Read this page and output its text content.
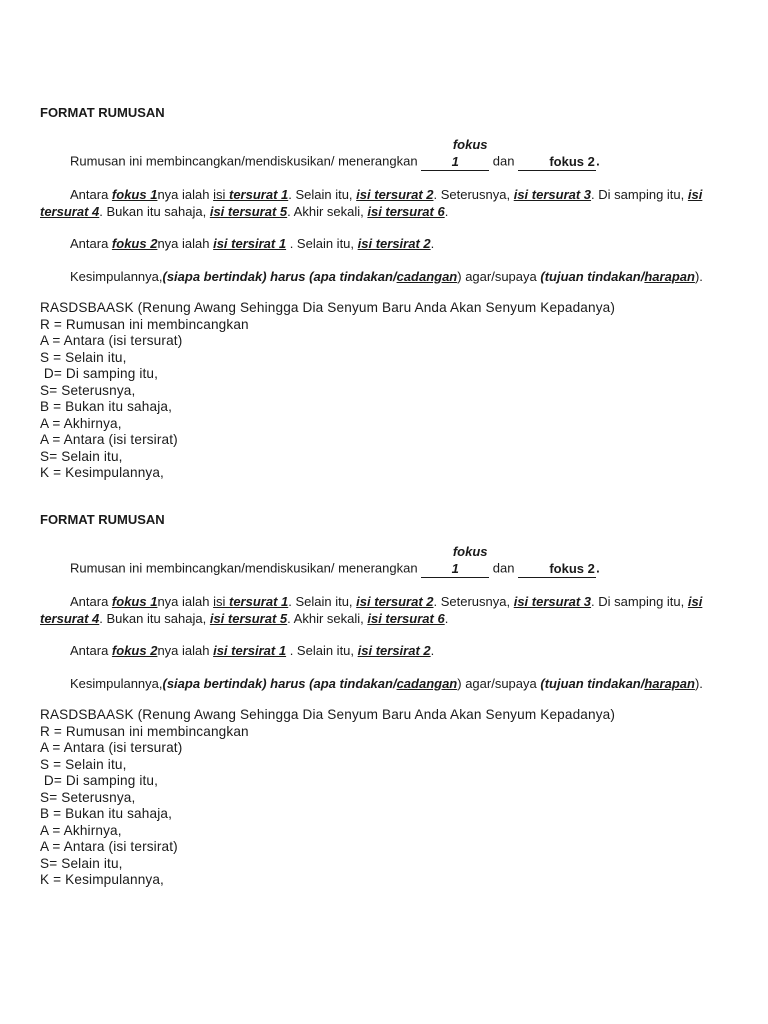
FORMAT RUMUSAN

Rumusan ini membincangkan/mendiskusikan/ menerangkan fokus 1 dan fokus 2.

Antara fokus 1nya ialah isi tersurat 1. Selain itu, isi tersurat 2. Seterusnya, isi tersurat 3. Di samping itu, isi tersurat 4. Bukan itu sahaja, isi tersurat 5. Akhir sekali, isi tersurat 6.

Antara fokus 2nya ialah isi tersirat 1 . Selain itu, isi tersirat 2.

Kesimpulannya,(siapa bertindak) harus (apa tindakan/cadangan) agar/supaya (tujuan tindakan/harapan).

RASDSBAASK (Renung Awang Sehingga Dia Senyum Baru Anda Akan Senyum Kepadanya)
R = Rumusan ini membincangkan
A = Antara (isi tersurat)
S = Selain itu,
D= Di samping itu,
S= Seterusnya,
B = Bukan itu sahaja,
A = Akhirnya,
A = Antara (isi tersirat)
S= Selain itu,
K = Kesimpulannya,

FORMAT RUMUSAN

Rumusan ini membincangkan/mendiskusikan/ menerangkan fokus 1 dan fokus 2.

Antara fokus 1nya ialah isi tersurat 1. Selain itu, isi tersurat 2. Seterusnya, isi tersurat 3. Di samping itu, isi tersurat 4. Bukan itu sahaja, isi tersurat 5. Akhir sekali, isi tersurat 6.

Antara fokus 2nya ialah isi tersirat 1 . Selain itu, isi tersirat 2.

Kesimpulannya,(siapa bertindak) harus (apa tindakan/cadangan) agar/supaya (tujuan tindakan/harapan).

RASDSBAASK (Renung Awang Sehingga Dia Senyum Baru Anda Akan Senyum Kepadanya)
R = Rumusan ini membincangkan
A = Antara (isi tersurat)
S = Selain itu,
D= Di samping itu,
S= Seterusnya,
B = Bukan itu sahaja,
A = Akhirnya,
A = Antara (isi tersirat)
S= Selain itu,
K = Kesimpulannya,
